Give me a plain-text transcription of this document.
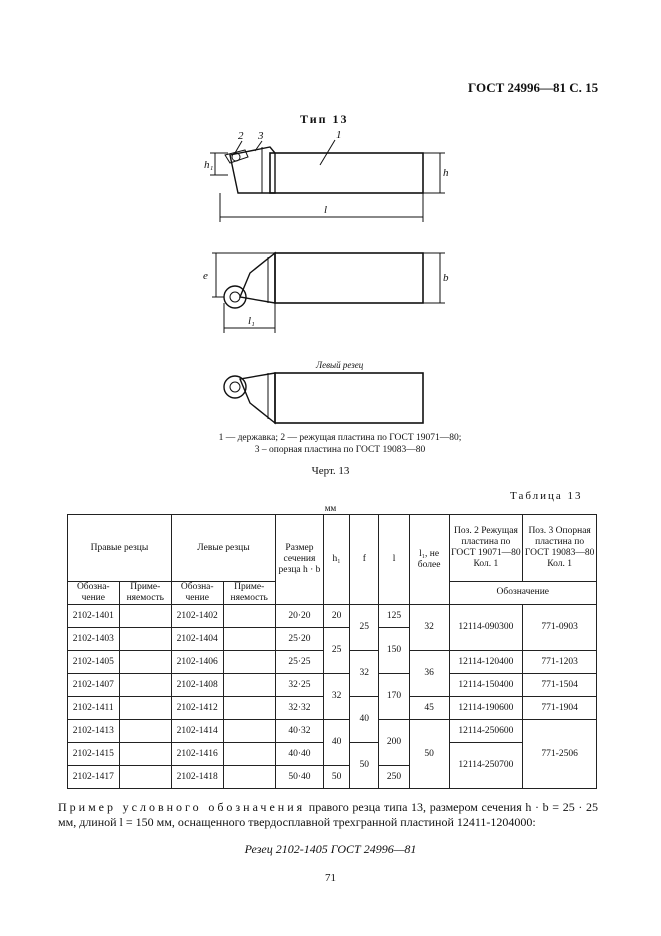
ГОСТ 24996—81 С. 15
Тип 13
2 3	1
h₁
h
l
e	b
l₁
Левый резец
1 — державка; 2 — режущая пластина по ГОСТ 19071—80;
3 – опорная пластина по ГОСТ 19083—80
Черт. 13
Таблица 13
мм
Правые резцы		Левые резцы		Размер сечения резца h · b	h₁	f	l	l₁, не более	Поз. 2 Режущая пластина по ГОСТ 19071—80 Кол. 1	Поз. 3 Опорная пластина по ГОСТ 19083—80 Кол. 1
Обозна-чение	Приме-няемость	Обозна-чение	Приме-няемость						Обозначение	

2102-1401		2102-1402		20·20	20	25	125	32	12114-090300	771-0903
2102-1403		2102-1404		25·20	25		150			
2102-1405		2102-1406		25·25		32		36	12114-120400	771-1203
2102-1407		2102-1408		32·25	32		170		12114-150400	771-1504
2102-1411		2102-1412		32·32		40		45	12114-190600	771-1904
2102-1413		2102-1414		40·32	40		200	50	12114-250600	771-2506
2102-1415		2102-1416		40·40		50			12114-250700	
2102-1417		2102-1418		50·40	50		250			
Пример условного обозначения правого резца типа 13, размером сечения h · b = 25 · 25 мм, длиной l = 150 мм, оснащенного твердосплавной трехгранной пластиной 12411-1204000:
Резец 2102-1405 ГОСТ 24996—81
71
